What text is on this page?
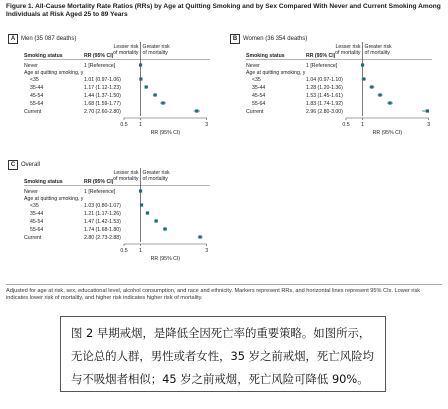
Figure 1. All-Cause Mortality Rate Ratios (RRs) by Age at Quitting Smoking and by Sex Compared With Never and Current Smoking Among Individuals at Risk Aged 25 to 89 Years
A Men (35 087 deaths)
Smoking status	RR (95% CI)
Lesser risk
of mortality
Greater risk
of mortality
Age at quitting smoking, y
Never	1 [Reference]
<35	1.01 (0.97-1.06)
35-44	1.17 (1.12-1.23)
45-54	1.44 (1.37-1.50)
55-64	1.68 (1.59-1.77)
Current	2.70 (2.60-2.80)
0.5 1	3
RR (95% CI)
B Women (36 354 deaths)
Smoking status	RR (95% CI)
Lesser risk
of mortality
Greater risk
of mortality
Age at quitting smoking, y
Never	1 [Reference]
<35	1.04 (0.97-1.10)
35-44	1.28 (1.20-1.36)
45-54	1.53 (1.45-1.61)
55-64	1.83 (1.74-1.92)
Current	2.96 (2.80-3.00)
0.5 1	3
RR (95% CI)
C Overall
Smoking status	RR (95% CI)
Lesser risk
of mortality
Greater risk
of mortality
Age at quitting smoking, y
Never	1 [Reference]
<35	1.03 (0.80-1.07)
35-44	1.21 (1.17-1.26)
45-54	1.47 (1.42-1.53)
55-64	1.74 (1.68-1.80)
Current	2.80 (2.73-2.88)
0.5 1	3
RR (95% CI)
Adjusted for age at risk, sex, educational level, alcohol consumption, and race and ethnicity. Markers represent RRs, and horizontal lines represent 95% CIs. Lower risk indicates lower risk of mortality, and higher risk indicates higher risk of mortality.
图 2 早期戒烟，是降低全因死亡率的重要策略。如图所示，无论总的人群，男性或者女性，35 岁之前戒烟，死亡风险均与不吸烟者相似；45 岁之前戒烟，死亡风险可降低 90%。
